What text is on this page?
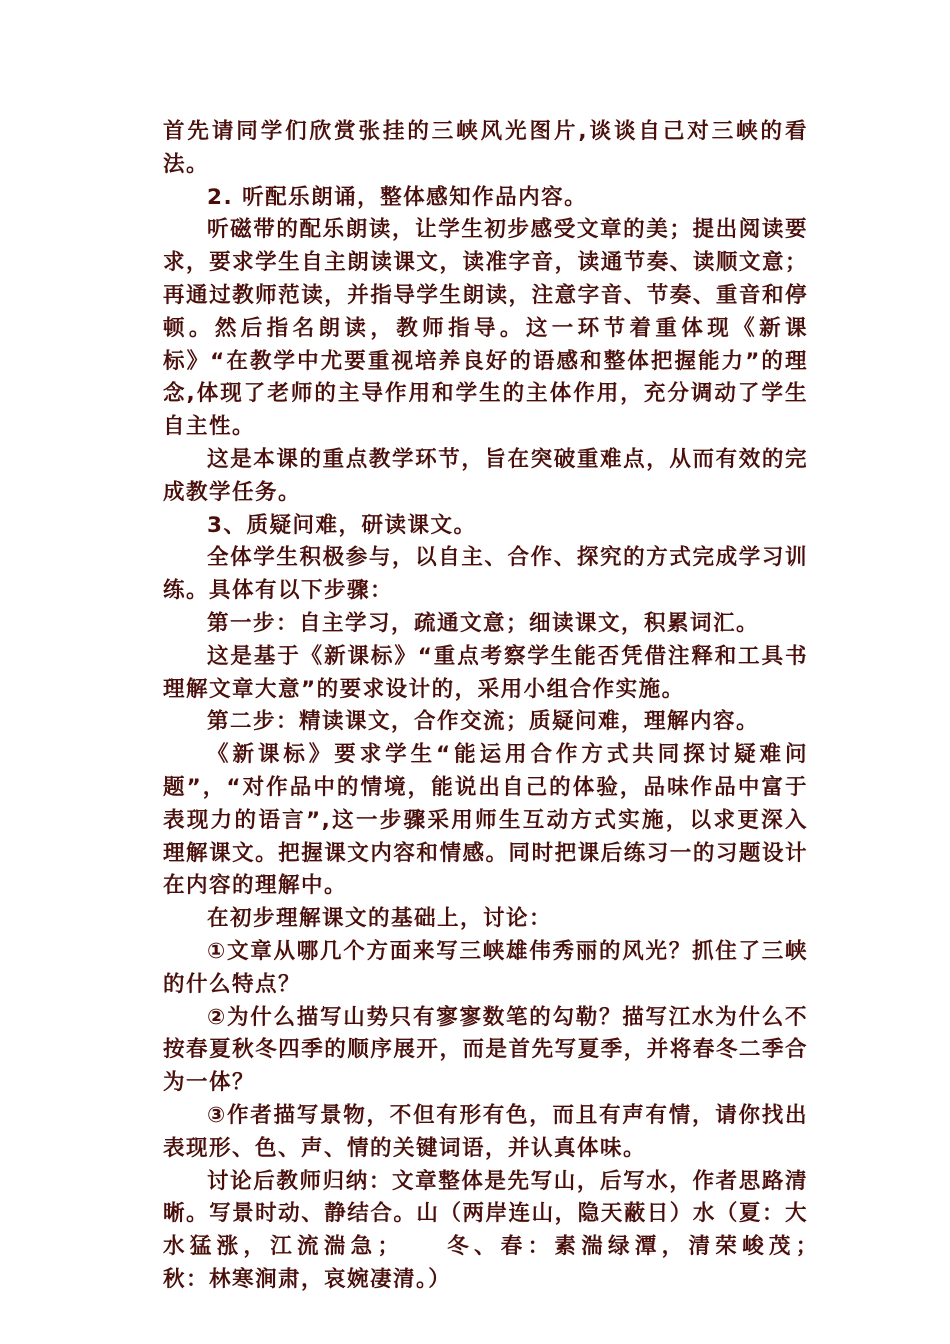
首先请同学们欣赏张挂的三峡风光图片,谈谈自己对三峡的看法。

2. 听配乐朗诵，整体感知作品内容。

听磁带的配乐朗读，让学生初步感受文章的美；提出阅读要求，要求学生自主朗读课文，读准字音，读通节奏、读顺文意；再通过教师范读，并指导学生朗读，注意字音、节奏、重音和停顿。然后指名朗读，教师指导。这一环节着重体现《新课标》“在教学中尤要重视培养良好的语感和整体把握能力”的理念,体现了老师的主导作用和学生的主体作用，充分调动了学生自主性。

这是本课的重点教学环节，旨在突破重难点，从而有效的完成教学任务。

3、质疑问难，研读课文。

全体学生积极参与，以自主、合作、探究的方式完成学习训练。具体有以下步骤：

第一步：自主学习，疏通文意；细读课文，积累词汇。

这是基于《新课标》“重点考察学生能否凭借注释和工具书理解文章大意”的要求设计的，采用小组合作实施。

第二步：精读课文，合作交流；质疑问难，理解内容。

《新课标》要求学生“能运用合作方式共同探讨疑难问题”，“对作品中的情境，能说出自己的体验，品味作品中富于表现力的语言”,这一步骤采用师生互动方式实施，以求更深入理解课文。把握课文内容和情感。同时把课后练习一的习题设计在内容的理解中。

在初步理解课文的基础上，讨论：

①文章从哪几个方面来写三峡雄伟秀丽的风光？抓住了三峡的什么特点？

②为什么描写山势只有寥寥数笔的勾勒？描写江水为什么不按春夏秋冬四季的顺序展开，而是首先写夏季，并将春冬二季合为一体？

③作者描写景物，不但有形有色，而且有声有情，请你找出表现形、色、声、情的关键词语，并认真体味。

讨论后教师归纳：文章整体是先写山，后写水，作者思路清晰。写景时动、静结合。山（两岸连山，隐天蔽日）水（夏：大水猛涨，江流湍急；　　冬、春：素湍绿潭，清荣峻茂；　　秋：林寒涧肃，哀婉凄清。）
